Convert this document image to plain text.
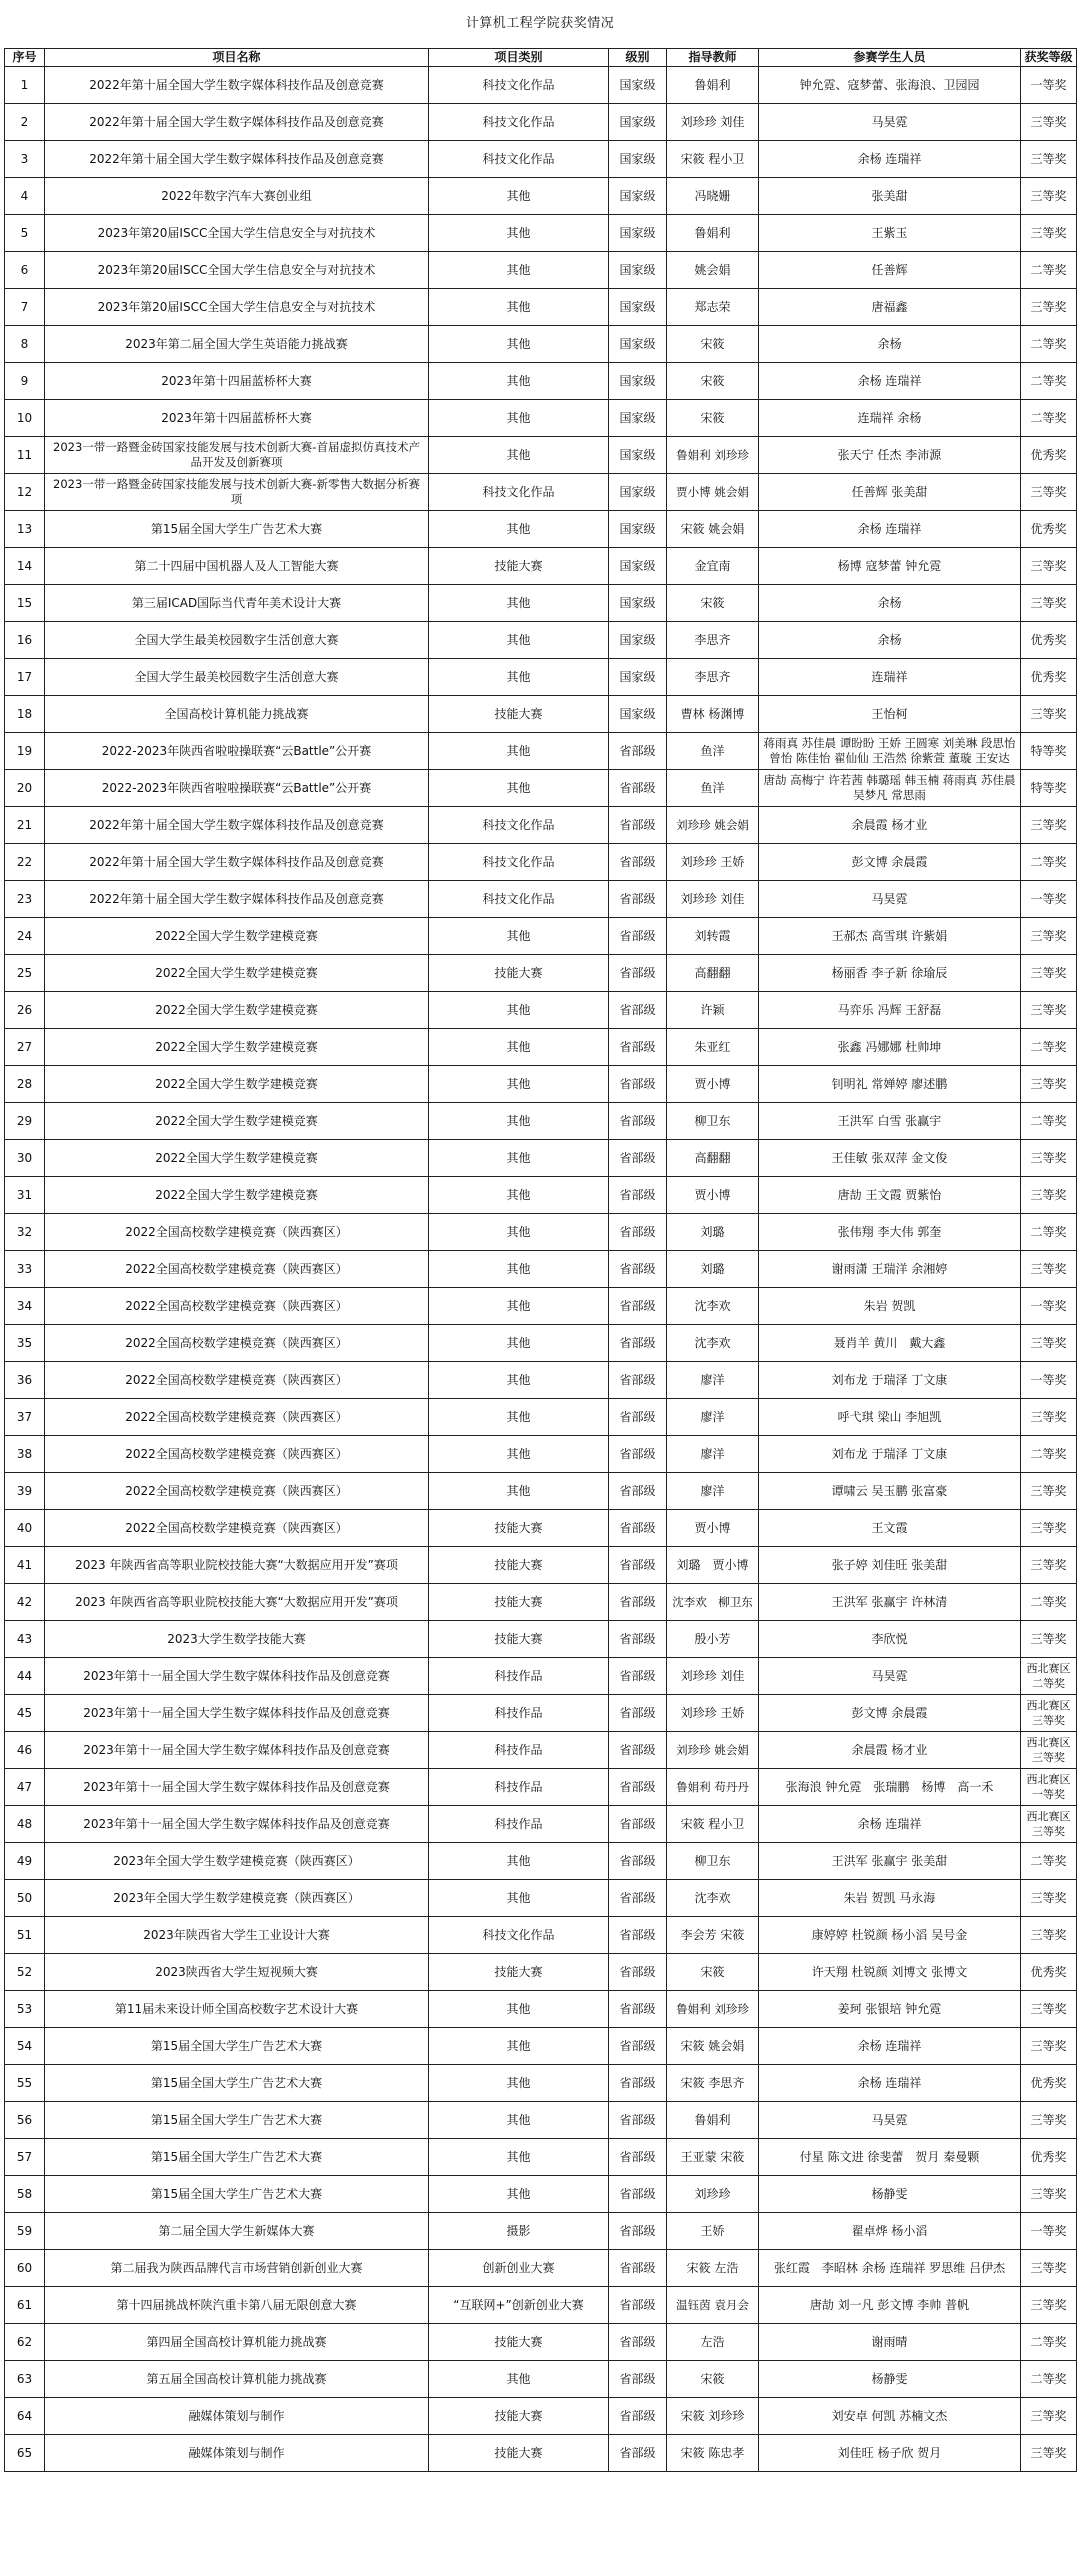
计算机工程学院获奖情况
序号	项目名称	项目类别	级别	指导教师	参赛学生人员	获奖等级
1	2022年第十届全国大学生数字媒体科技作品及创意竞赛	科技文化作品	国家级	鲁娟利	钟允霓、寇梦蕾、张海浪、卫园园	一等奖
2	2022年第十届全国大学生数字媒体科技作品及创意竞赛	科技文化作品	国家级	刘珍珍 刘佳	马昊霓	三等奖
3	2022年第十届全国大学生数字媒体科技作品及创意竞赛	科技文化作品	国家级	宋筱 程小卫	余杨 连瑞祥	三等奖
4	2022年数字汽车大赛创业组	其他	国家级	冯晓姗	张美甜	三等奖
5	2023年第20届ISCC全国大学生信息安全与对抗技术	其他	国家级	鲁娟利	王紫玉	三等奖
6	2023年第20届ISCC全国大学生信息安全与对抗技术	其他	国家级	姚会娟	任善辉	二等奖
7	2023年第20届ISCC全国大学生信息安全与对抗技术	其他	国家级	郑志荣	唐福鑫	三等奖
8	2023年第二届全国大学生英语能力挑战赛	其他	国家级	宋筱	余杨	二等奖
9	2023年第十四届蓝桥杯大赛	其他	国家级	宋筱	余杨 连瑞祥	二等奖
10	2023年第十四届蓝桥杯大赛	其他	国家级	宋筱	连瑞祥 余杨	二等奖
11	2023一带一路暨金砖国家技能发展与技术创新大赛-首届虚拟仿真技术产品开发及创新赛项	其他	国家级	鲁娟利 刘珍珍	张天宁 任杰 李沛源	优秀奖
12	2023一带一路暨金砖国家技能发展与技术创新大赛-新零售大数据分析赛项	科技文化作品	国家级	贾小博 姚会娟	任善辉 张美甜	三等奖
13	第15届全国大学生广告艺术大赛	其他	国家级	宋筱 姚会娟	余杨 连瑞祥	优秀奖
14	第二十四届中国机器人及人工智能大赛	技能大赛	国家级	金宜南	杨博 寇梦蕾 钟允霓	三等奖
15	第三届ICAD国际当代青年美术设计大赛	其他	国家级	宋筱	余杨	三等奖
16	全国大学生最美校园数字生活创意大赛	其他	国家级	李思齐	余杨	优秀奖
17	全国大学生最美校园数字生活创意大赛	其他	国家级	李思齐	连瑞祥	优秀奖
18	全国高校计算机能力挑战赛	技能大赛	国家级	曹林 杨渊博	王怡柯	三等奖
19	2022-2023年陕西省啦啦操联赛“云Battle”公开赛	其他	省部级	鱼洋	蒋雨真 苏佳晨 谭盼盼 王娇 王圆寒 刘美琳 段思怡 曾怡 陈佳怡 翟仙仙 王浩然 徐紫萱 董璇 王安达	特等奖
20	2022-2023年陕西省啦啦操联赛“云Battle”公开赛	其他	省部级	鱼洋	唐劼 高梅宁 许若茜 韩璐瑶 韩玉楠 蒋雨真 苏佳晨 吴梦凡 常思雨	特等奖
21	2022年第十届全国大学生数字媒体科技作品及创意竞赛	科技文化作品	省部级	刘珍珍 姚会娟	余晨霞 杨才业	三等奖
22	2022年第十届全国大学生数字媒体科技作品及创意竞赛	科技文化作品	省部级	刘珍珍 王娇	彭文博 余晨霞	二等奖
23	2022年第十届全国大学生数字媒体科技作品及创意竞赛	科技文化作品	省部级	刘珍珍 刘佳	马昊霓	一等奖
24	2022全国大学生数学建模竞赛	其他	省部级	刘转霞	王郝杰 高雪琪 许紫娟	三等奖
25	2022全国大学生数学建模竞赛	技能大赛	省部级	高翻翻	杨丽香 李子新 徐瑜辰	三等奖
26	2022全国大学生数学建模竞赛	其他	省部级	许颖	马弈乐 冯辉 王舒磊	三等奖
27	2022全国大学生数学建模竞赛	其他	省部级	朱亚红	张鑫 冯娜娜 杜帅坤	二等奖
28	2022全国大学生数学建模竞赛	其他	省部级	贾小博	钊明礼 常婵婷 廖述鹏	三等奖
29	2022全国大学生数学建模竞赛	其他	省部级	柳卫东	王洪军 白雪 张赢宇	二等奖
30	2022全国大学生数学建模竞赛	其他	省部级	高翻翻	王佳敏 张双萍 金文俊	三等奖
31	2022全国大学生数学建模竞赛	其他	省部级	贾小博	唐劼 王文霞 贾紫怡	三等奖
32	2022全国高校数学建模竞赛（陕西赛区）	其他	省部级	刘璐	张伟翔 李大伟 郭奎	二等奖
33	2022全国高校数学建模竞赛（陕西赛区）	其他	省部级	刘璐	谢雨潇 王瑞洋 余湘婷	三等奖
34	2022全国高校数学建模竞赛（陕西赛区）	其他	省部级	沈李欢	朱岩 贺凯	一等奖
35	2022全国高校数学建模竞赛（陕西赛区）	其他	省部级	沈李欢	聂肖羊 黄川　戴大鑫	三等奖
36	2022全国高校数学建模竞赛（陕西赛区）	其他	省部级	廖洋	刘布龙 于瑞泽 丁文康	一等奖
37	2022全国高校数学建模竞赛（陕西赛区）	其他	省部级	廖洋	呼弋琪 梁山 李旭凯	三等奖
38	2022全国高校数学建模竞赛（陕西赛区）	其他	省部级	廖洋	刘布龙 于瑞泽 丁文康	二等奖
39	2022全国高校数学建模竞赛（陕西赛区）	其他	省部级	廖洋	谭啸云 吴玉鹏 张富豪	三等奖
40	2022全国高校数学建模竞赛（陕西赛区）	技能大赛	省部级	贾小博	王文霞	三等奖
41	2023 年陕西省高等职业院校技能大赛“大数据应用开发”赛项	技能大赛	省部级	刘璐　贾小博	张子婷 刘佳旺 张美甜	三等奖
42	2023 年陕西省高等职业院校技能大赛“大数据应用开发”赛项	技能大赛	省部级	沈李欢　柳卫东	王洪军 张赢宇 许林清	二等奖
43	2023大学生数学技能大赛	技能大赛	省部级	殷小芳	李欣悦	三等奖
44	2023年第十一届全国大学生数字媒体科技作品及创意竞赛	科技作品	省部级	刘珍珍 刘佳	马昊霓	西北赛区二等奖
45	2023年第十一届全国大学生数字媒体科技作品及创意竞赛	科技作品	省部级	刘珍珍 王娇	彭文博 余晨霞	西北赛区三等奖
46	2023年第十一届全国大学生数字媒体科技作品及创意竞赛	科技作品	省部级	刘珍珍 姚会娟	余晨霞 杨才业	西北赛区三等奖
47	2023年第十一届全国大学生数字媒体科技作品及创意竞赛	科技作品	省部级	鲁娟利 苟丹丹	张海浪 钟允霓　张瑞鹏　杨博　高一禾	西北赛区一等奖
48	2023年第十一届全国大学生数字媒体科技作品及创意竞赛	科技作品	省部级	宋筱 程小卫	余杨 连瑞祥	西北赛区三等奖
49	2023年全国大学生数学建模竞赛（陕西赛区）	其他	省部级	柳卫东	王洪军 张赢宇 张美甜	二等奖
50	2023年全国大学生数学建模竞赛（陕西赛区）	其他	省部级	沈李欢	朱岩 贺凯 马永海	三等奖
51	2023年陕西省大学生工业设计大赛	科技文化作品	省部级	李会芳 宋筱	康婷婷 杜锐颜 杨小滔 吴号金	三等奖
52	2023陕西省大学生短视频大赛	技能大赛	省部级	宋筱	许天翔 杜锐颜 刘博文 张博文	优秀奖
53	第11届未来设计师全国高校数字艺术设计大赛	其他	省部级	鲁娟利 刘珍珍	姜珂 张银培 钟允霓	三等奖
54	第15届全国大学生广告艺术大赛	其他	省部级	宋筱 姚会娟	余杨 连瑞祥	三等奖
55	第15届全国大学生广告艺术大赛	其他	省部级	宋筱 李思齐	余杨 连瑞祥	优秀奖
56	第15届全国大学生广告艺术大赛	其他	省部级	鲁娟利	马昊霓	三等奖
57	第15届全国大学生广告艺术大赛	其他	省部级	王亚蒙 宋筱	付星 陈文进 徐斐蕾　贺月 秦曼颗	优秀奖
58	第15届全国大学生广告艺术大赛	其他	省部级	刘珍珍	杨静雯	三等奖
59	第二届全国大学生新媒体大赛	摄影	省部级	王娇	翟卓烨 杨小滔	一等奖
60	第二届我为陕西品牌代言市场营销创新创业大赛	创新创业大赛	省部级	宋筱 左浩	张红霞　李昭林 余杨 连瑞祥 罗思维 吕伊杰	三等奖
61	第十四届挑战杯陕汽重卡第八届无限创意大赛	“互联网+”创新创业大赛	省部级	温钰茵 袁月会	唐劼 刘一凡 彭文博 李帅 普帆	三等奖
62	第四届全国高校计算机能力挑战赛	技能大赛	省部级	左浩	谢雨晴	二等奖
63	第五届全国高校计算机能力挑战赛	其他	省部级	宋筱	杨静雯	二等奖
64	融媒体策划与制作	技能大赛	省部级	宋筱 刘珍珍	刘安卓 何凯 苏楠文杰	三等奖
65	融媒体策划与制作	技能大赛	省部级	宋筱 陈忠孝	刘佳旺 杨子欣 贺月	三等奖
